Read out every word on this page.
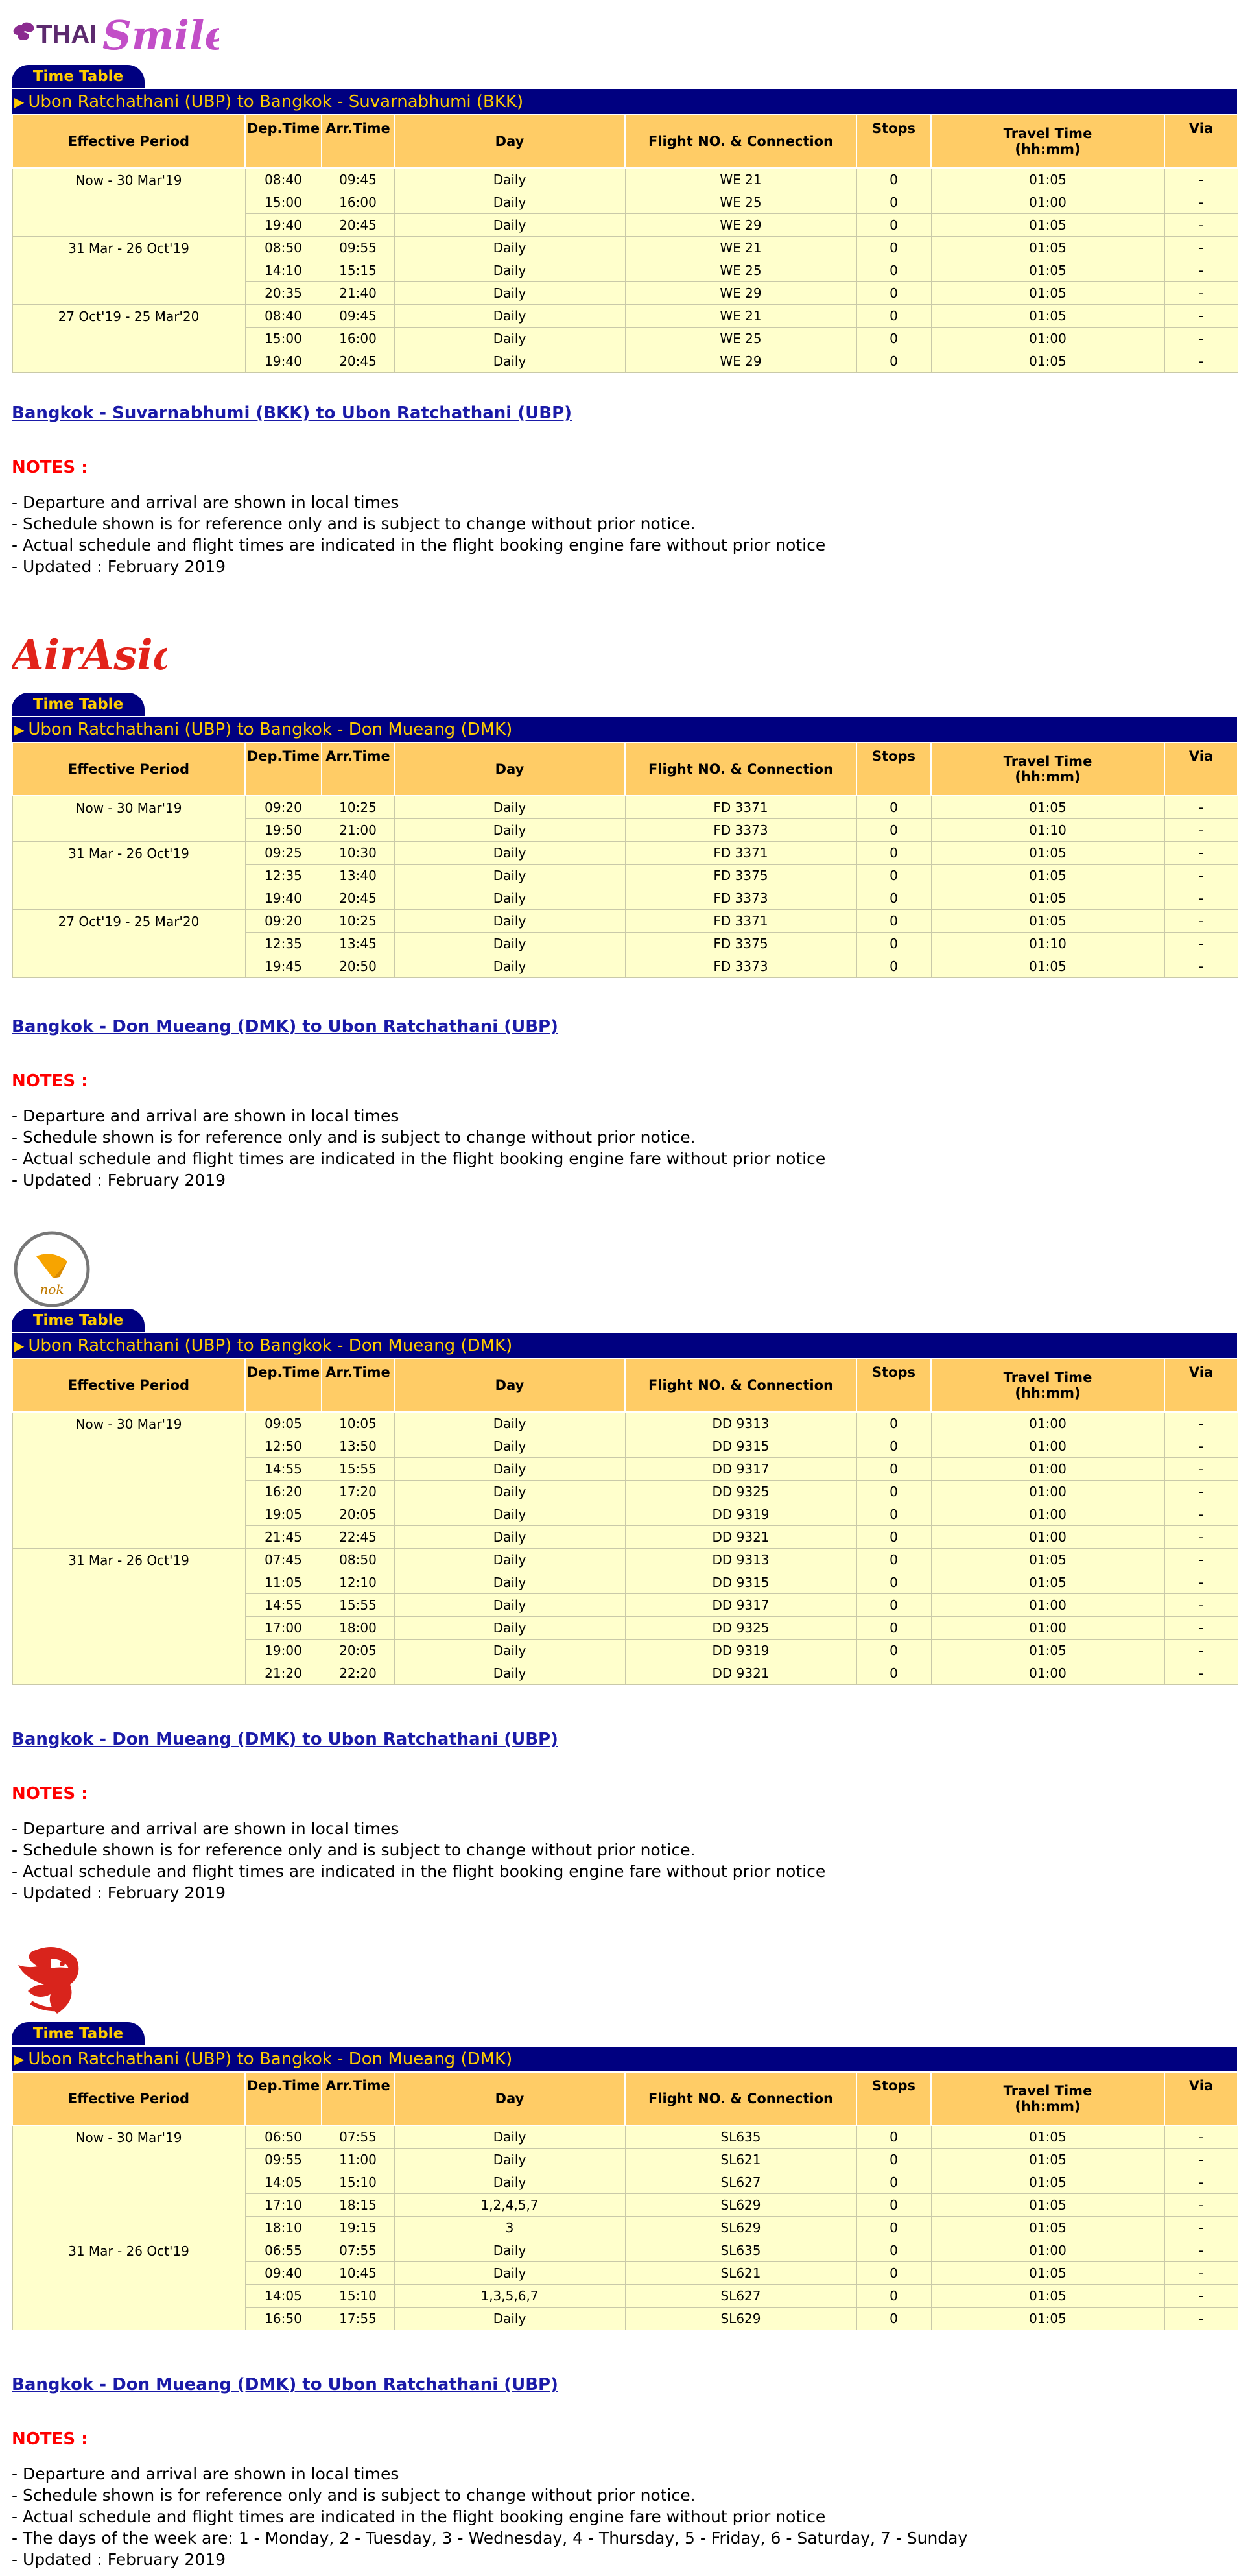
THAI Smile
Time Table
▶ Ubon Ratchathani (UBP) to Bangkok - Suvarnabhumi (BKK)
Effective Period	Dep.Time	Arr.Time	Day	Flight NO. & Connection	Stops	Travel Time
(hh:mm)	Via
Now - 30 Mar'19	08:40	09:45	Daily	WE 21	0	01:05	-
	15:00	16:00	Daily	WE 25	0	01:00	-
	19:40	20:45	Daily	WE 29	0	01:05	-
31 Mar - 26 Oct'19	08:50	09:55	Daily	WE 21	0	01:05	-
	14:10	15:15	Daily	WE 25	0	01:05	-
	20:35	21:40	Daily	WE 29	0	01:05	-
27 Oct'19 - 25 Mar'20	08:40	09:45	Daily	WE 21	0	01:05	-
	15:00	16:00	Daily	WE 25	0	01:00	-
	19:40	20:45	Daily	WE 29	0	01:05	-
Bangkok - Suvarnabhumi (BKK) to Ubon Ratchathani (UBP)
NOTES :
- Departure and arrival are shown in local times
- Schedule shown is for reference only and is subject to change without prior notice.
- Actual schedule and flight times are indicated in the flight booking engine fare without prior notice
- Updated : February 2019
AirAsia
Time Table
▶ Ubon Ratchathani (UBP) to Bangkok - Don Mueang (DMK)
Effective Period	Dep.Time	Arr.Time	Day	Flight NO. & Connection	Stops	Travel Time
(hh:mm)	Via
Now - 30 Mar'19	09:20	10:25	Daily	FD 3371	0	01:05	-
	19:50	21:00	Daily	FD 3373	0	01:10	-
31 Mar - 26 Oct'19	09:25	10:30	Daily	FD 3371	0	01:05	-
	12:35	13:40	Daily	FD 3375	0	01:05	-
	19:40	20:45	Daily	FD 3373	0	01:05	-
27 Oct'19 - 25 Mar'20	09:20	10:25	Daily	FD 3371	0	01:05	-
	12:35	13:45	Daily	FD 3375	0	01:10	-
	19:45	20:50	Daily	FD 3373	0	01:05	-
Bangkok - Don Mueang (DMK) to Ubon Ratchathani (UBP)
NOTES :
- Departure and arrival are shown in local times
- Schedule shown is for reference only and is subject to change without prior notice.
- Actual schedule and flight times are indicated in the flight booking engine fare without prior notice
- Updated : February 2019
nok
Time Table
▶ Ubon Ratchathani (UBP) to Bangkok - Don Mueang (DMK)
Effective Period	Dep.Time	Arr.Time	Day	Flight NO. & Connection	Stops	Travel Time
(hh:mm)	Via
Now - 30 Mar'19	09:05	10:05	Daily	DD 9313	0	01:00	-
	12:50	13:50	Daily	DD 9315	0	01:00	-
	14:55	15:55	Daily	DD 9317	0	01:00	-
	16:20	17:20	Daily	DD 9325	0	01:00	-
	19:05	20:05	Daily	DD 9319	0	01:00	-
	21:45	22:45	Daily	DD 9321	0	01:00	-
31 Mar - 26 Oct'19	07:45	08:50	Daily	DD 9313	0	01:05	-
	11:05	12:10	Daily	DD 9315	0	01:05	-
	14:55	15:55	Daily	DD 9317	0	01:00	-
	17:00	18:00	Daily	DD 9325	0	01:00	-
	19:00	20:05	Daily	DD 9319	0	01:05	-
	21:20	22:20	Daily	DD 9321	0	01:00	-
Bangkok - Don Mueang (DMK) to Ubon Ratchathani (UBP)
NOTES :
- Departure and arrival are shown in local times
- Schedule shown is for reference only and is subject to change without prior notice.
- Actual schedule and flight times are indicated in the flight booking engine fare without prior notice
- Updated : February 2019
Time Table
▶ Ubon Ratchathani (UBP) to Bangkok - Don Mueang (DMK)
Effective Period	Dep.Time	Arr.Time	Day	Flight NO. & Connection	Stops	Travel Time
(hh:mm)	Via
Now - 30 Mar'19	06:50	07:55	Daily	SL635	0	01:05	-
	09:55	11:00	Daily	SL621	0	01:05	-
	14:05	15:10	Daily	SL627	0	01:05	-
	17:10	18:15	1,2,4,5,7	SL629	0	01:05	-
	18:10	19:15	3	SL629	0	01:05	-
31 Mar - 26 Oct'19	06:55	07:55	Daily	SL635	0	01:00	-
	09:40	10:45	Daily	SL621	0	01:05	-
	14:05	15:10	1,3,5,6,7	SL627	0	01:05	-
	16:50	17:55	Daily	SL629	0	01:05	-
Bangkok - Don Mueang (DMK) to Ubon Ratchathani (UBP)
NOTES :
- Departure and arrival are shown in local times
- Schedule shown is for reference only and is subject to change without prior notice.
- Actual schedule and flight times are indicated in the flight booking engine fare without prior notice
- The days of the week are: 1 - Monday, 2 - Tuesday, 3 - Wednesday, 4 - Thursday, 5 - Friday, 6 - Saturday, 7 - Sunday
- Updated : February 2019
